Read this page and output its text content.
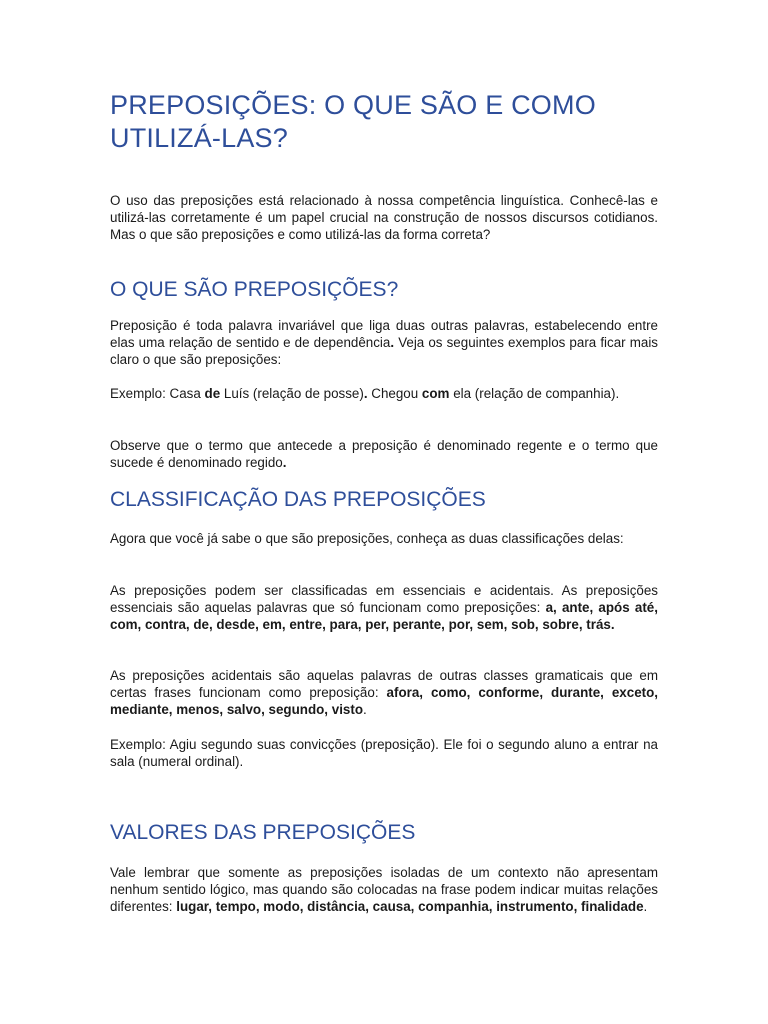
PREPOSIÇÕES: O QUE SÃO E COMO UTILIZÁ-LAS?

O uso das preposições está relacionado à nossa competência linguística. Conhecê-las e utilizá-las corretamente é um papel crucial na construção de nossos discursos cotidianos. Mas o que são preposições e como utilizá-las da forma correta?

O QUE SÃO PREPOSIÇÕES?

Preposição é toda palavra invariável que liga duas outras palavras, estabelecendo entre elas uma relação de sentido e de dependência. Veja os seguintes exemplos para ficar mais claro o que são preposições:

Exemplo: Casa de Luís (relação de posse). Chegou com ela (relação de companhia).

Observe que o termo que antecede a preposição é denominado regente e o termo que sucede é denominado regido.

CLASSIFICAÇÃO DAS PREPOSIÇÕES

Agora que você já sabe o que são preposições, conheça as duas classificações delas:

As preposições podem ser classificadas em essenciais e acidentais. As preposições essenciais são aquelas palavras que só funcionam como preposições: a, ante, após até, com, contra, de, desde, em, entre, para, per, perante, por, sem, sob, sobre, trás.

As preposições acidentais são aquelas palavras de outras classes gramaticais que em certas frases funcionam como preposição: afora, como, conforme, durante, exceto, mediante, menos, salvo, segundo, visto.

Exemplo: Agiu segundo suas convicções (preposição). Ele foi o segundo aluno a entrar na sala (numeral ordinal).

VALORES DAS PREPOSIÇÕES

Vale lembrar que somente as preposições isoladas de um contexto não apresentam nenhum sentido lógico, mas quando são colocadas na frase podem indicar muitas relações diferentes: lugar, tempo, modo, distância, causa, companhia, instrumento, finalidade.
